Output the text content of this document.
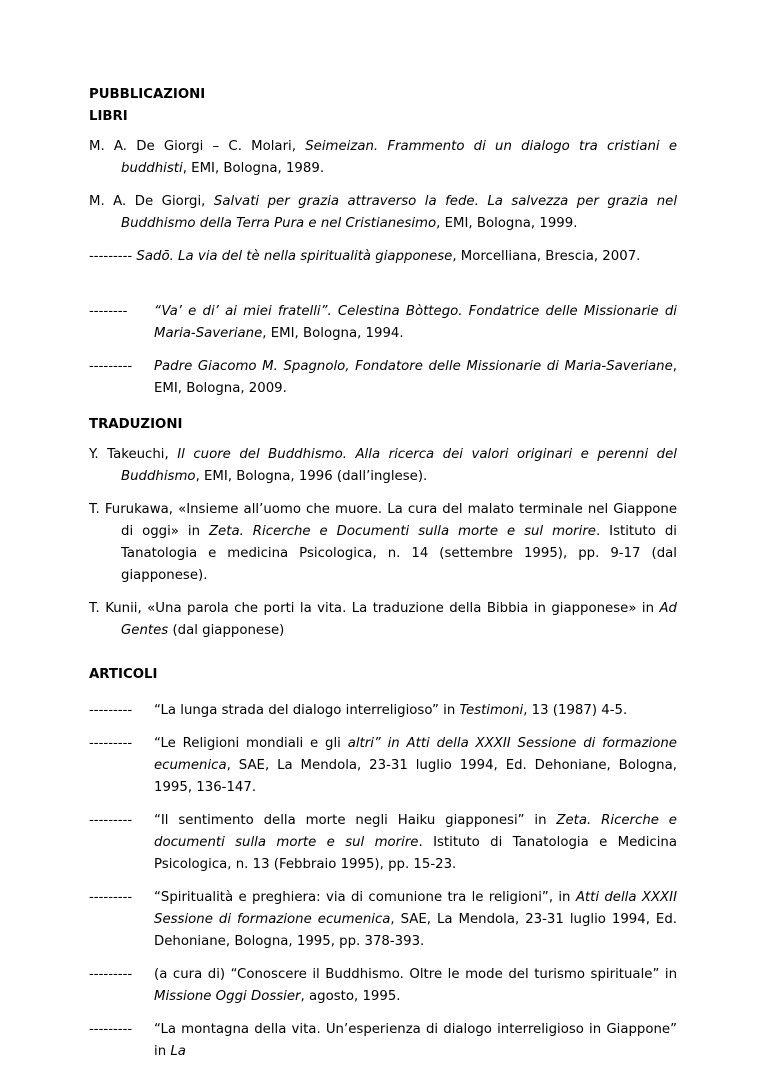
PUBBLICAZIONI
LIBRI
M. A. De Giorgi – C. Molari, Seimeizan. Frammento di un dialogo tra cristiani e buddhisti, EMI, Bologna, 1989.
M. A. De Giorgi, Salvati per grazia attraverso la fede. La salvezza per grazia nel Buddhismo della Terra Pura e nel Cristianesimo, EMI, Bologna, 1999.
--------- Sadō. La via del tè nella spiritualità giapponese, Morcelliana, Brescia, 2007.
-------- “Va’ e di’ ai miei fratelli”. Celestina Bòttego. Fondatrice delle Missionarie di Maria-Saveriane, EMI, Bologna, 1994.
--------- Padre Giacomo M. Spagnolo, Fondatore delle Missionarie di Maria-Saveriane, EMI, Bologna, 2009.
TRADUZIONI
Y. Takeuchi, Il cuore del Buddhismo. Alla ricerca dei valori originari e perenni del Buddhismo, EMI, Bologna, 1996 (dall’inglese).
T. Furukawa, «Insieme all’uomo che muore. La cura del malato terminale nel Giappone di oggi» in Zeta. Ricerche e Documenti sulla morte e sul morire. Istituto di Tanatologia e medicina Psicologica, n. 14 (settembre 1995), pp. 9-17 (dal giapponese).
T. Kunii, «Una parola che porti la vita. La traduzione della Bibbia in giapponese» in Ad Gentes (dal giapponese)
ARTICOLI
--------- “La lunga strada del dialogo interreligioso” in Testimoni, 13 (1987) 4-5.
--------- “Le Religioni mondiali e gli altri” in Atti della XXXII Sessione di formazione ecumenica, SAE, La Mendola, 23-31 luglio 1994, Ed. Dehoniane, Bologna, 1995, 136-147.
--------- “Il sentimento della morte negli Haiku giapponesi” in Zeta. Ricerche e documenti sulla morte e sul morire. Istituto di Tanatologia e Medicina Psicologica, n. 13 (Febbraio 1995), pp. 15-23.
--------- “Spiritualità e preghiera: via di comunione tra le religioni”, in Atti della XXXII Sessione di formazione ecumenica, SAE, La Mendola, 23-31 luglio 1994, Ed. Dehoniane, Bologna, 1995, pp. 378-393.
--------- (a cura di) “Conoscere il Buddhismo. Oltre le mode del turismo spirituale” in Missione Oggi Dossier, agosto, 1995.
--------- “La montagna della vita. Un’esperienza di dialogo interreligioso in Giappone” in La
